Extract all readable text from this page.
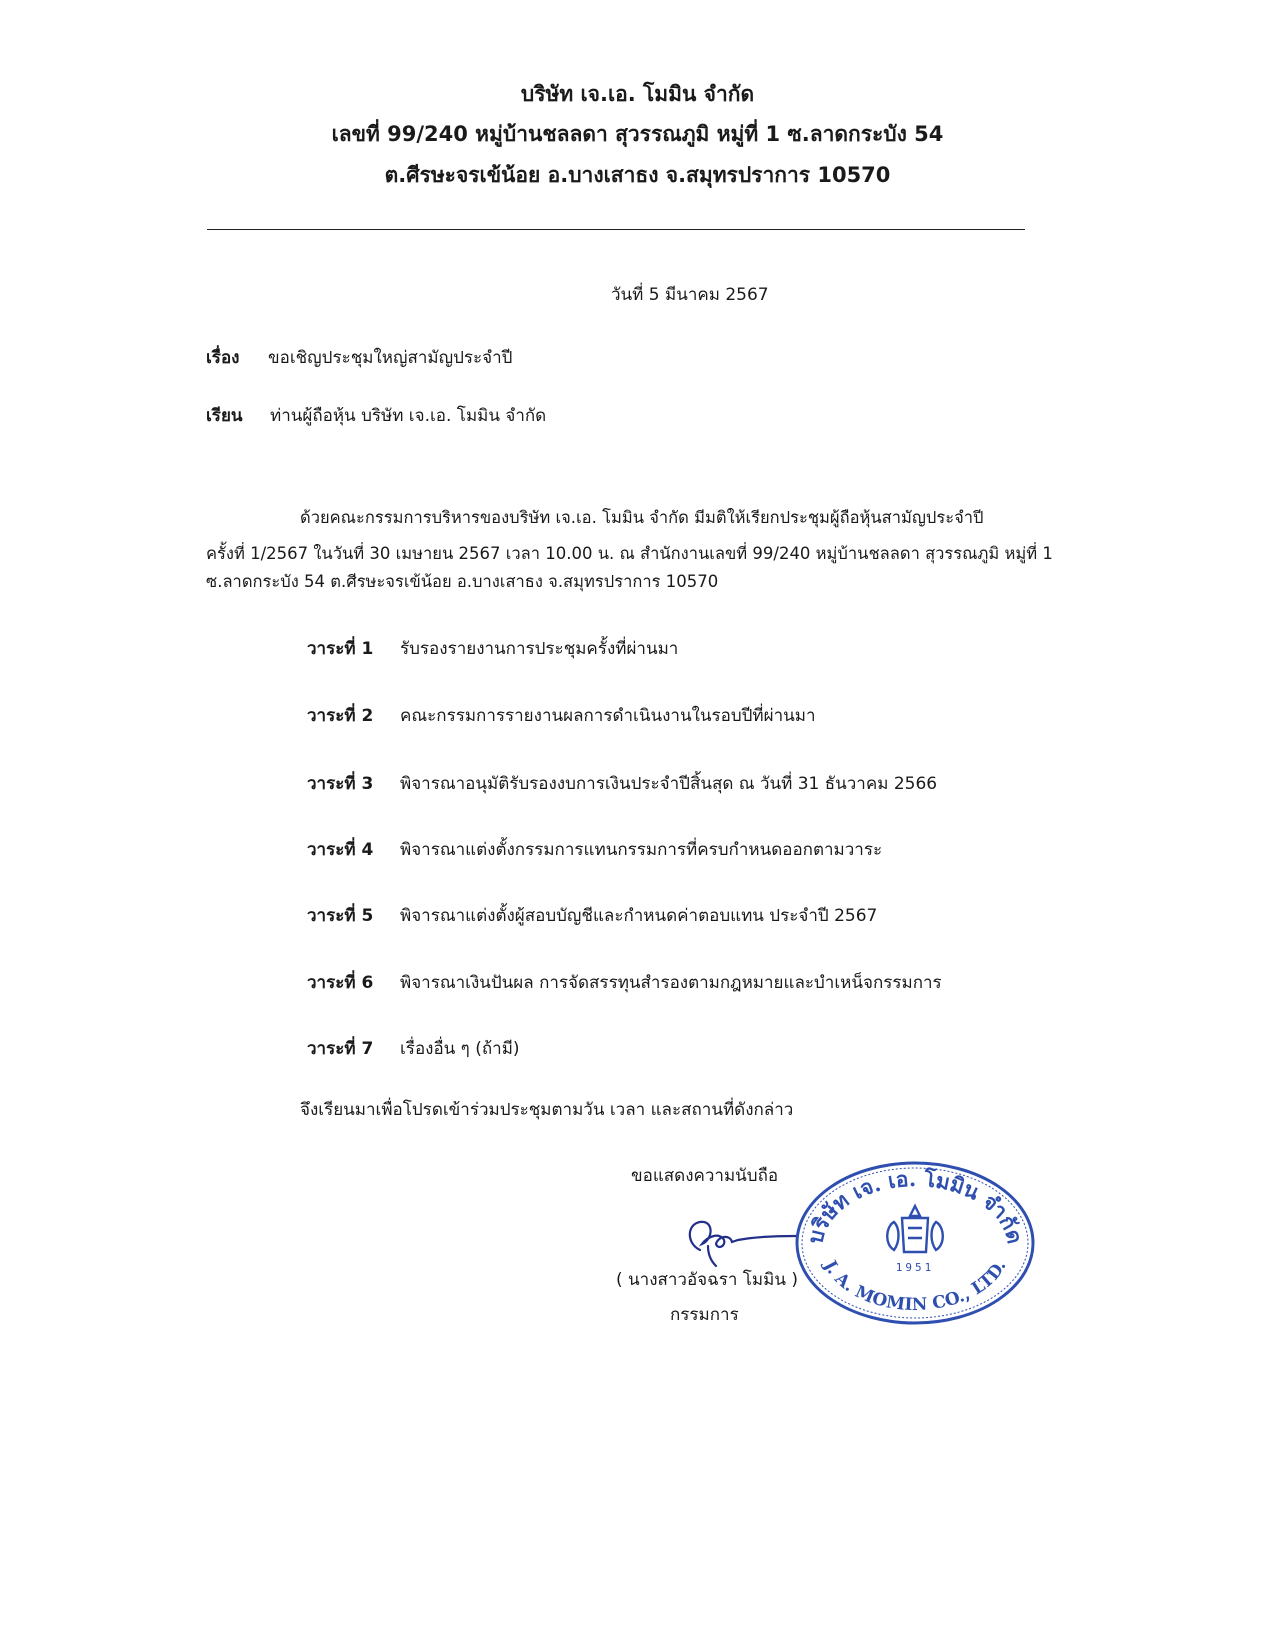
บริษัท เจ.เอ. โมมิน จำกัด
เลขที่ 99/240 หมู่บ้านชลลดา สุวรรณภูมิ หมู่ที่ 1 ซ.ลาดกระบัง 54
ต.ศีรษะจรเข้น้อย อ.บางเสาธง จ.สมุทรปราการ 10570
วันที่ 5 มีนาคม 2567
เรื่อง ขอเชิญประชุมใหญ่สามัญประจำปี
เรียน ท่านผู้ถือหุ้น บริษัท เจ.เอ. โมมิน จำกัด
ด้วยคณะกรรมการบริหารของบริษัท เจ.เอ. โมมิน จำกัด มีมติให้เรียกประชุมผู้ถือหุ้นสามัญประจำปี
ครั้งที่ 1/2567 ในวันที่ 30 เมษายน 2567 เวลา 10.00 น. ณ สำนักงานเลขที่ 99/240 หมู่บ้านชลลดา สุวรรณภูมิ หมู่ที่ 1
ซ.ลาดกระบัง 54 ต.ศีรษะจรเข้น้อย อ.บางเสาธง จ.สมุทรปราการ 10570
วาระที่ 1 รับรองรายงานการประชุมครั้งที่ผ่านมา
วาระที่ 2 คณะกรรมการรายงานผลการดำเนินงานในรอบปีที่ผ่านมา
วาระที่ 3 พิจารณาอนุมัติรับรองงบการเงินประจำปีสิ้นสุด ณ วันที่ 31 ธันวาคม 2566
วาระที่ 4 พิจารณาแต่งตั้งกรรมการแทนกรรมการที่ครบกำหนดออกตามวาระ
วาระที่ 5 พิจารณาแต่งตั้งผู้สอบบัญชีและกำหนดค่าตอบแทน ประจำปี 2567
วาระที่ 6 พิจารณาเงินปันผล การจัดสรรทุนสำรองตามกฎหมายและบำเหน็จกรรมการ
วาระที่ 7 เรื่องอื่น ๆ (ถ้ามี)
จึงเรียนมาเพื่อโปรดเข้าร่วมประชุมตามวัน เวลา และสถานที่ดังกล่าว
ขอแสดงความนับถือ
( นางสาวอัจฉรา โมมิน )
กรรมการ
บริษัท เจ. เอ. โมมิน จำกัด
J. A. MOMIN CO., LTD.
1951
